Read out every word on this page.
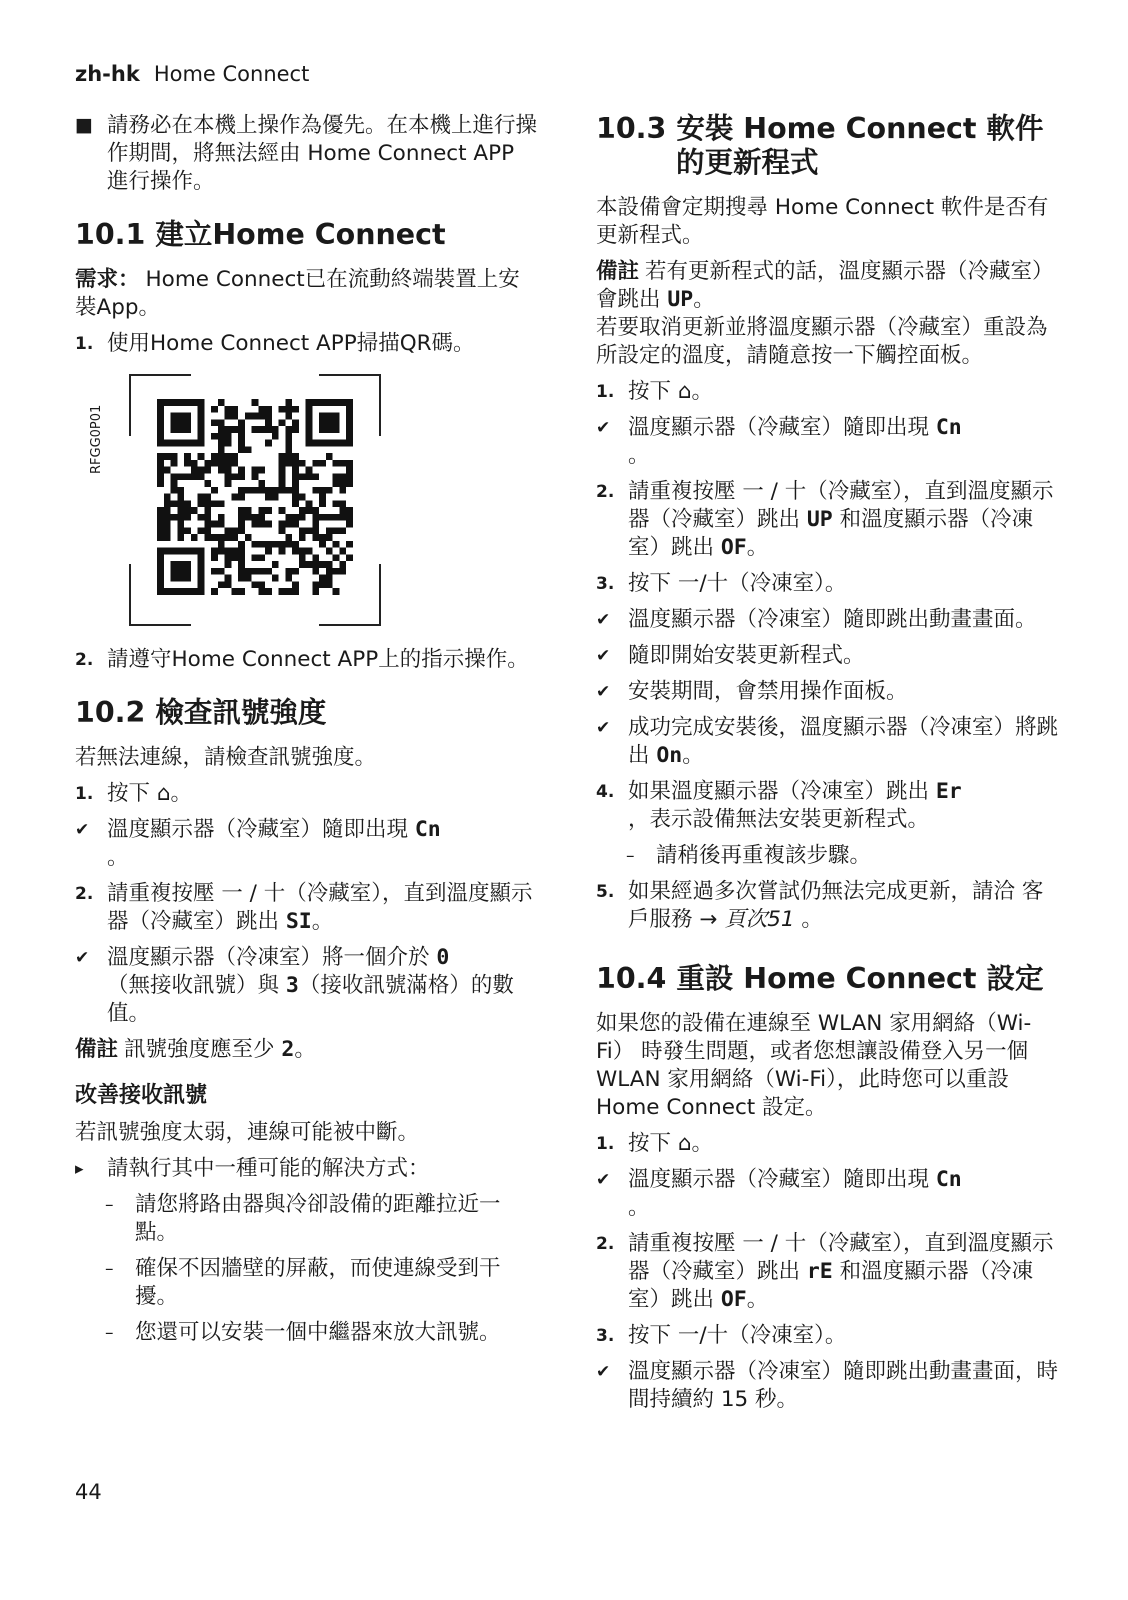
zh-hk Home Connect
■ 請務必在本機上操作為優先。在本機上進行操作期間，將無法經由 Home Connect APP 進行操作。
10.1 建立Home Connect
需求： Home Connect已在流動終端裝置上安裝App。
1. 使用Home Connect APP掃描QR碼。
RFGG0P01
2. 請遵守Home Connect APP上的指示操作。
10.2 檢查訊號強度
若無法連線，請檢查訊號強度。
1. 按下 ⌂。
✔ 溫度顯示器（冷藏室）隨即出現 Cn
。
2. 請重複按壓 一 / 十（冷藏室），直到溫度顯示器（冷藏室）跳出 SI。
✔ 溫度顯示器（冷凍室）將一個介於 0
（無接收訊號）與 3（接收訊號滿格）的數值。
備註 訊號強度應至少 2。
改善接收訊號
若訊號強度太弱，連線可能被中斷。
▸ 請執行其中一種可能的解決方式：
– 請您將路由器與冷卻設備的距離拉近一點。
– 確保不因牆壁的屏蔽，而使連線受到干擾。
– 您還可以安裝一個中繼器來放大訊號。
10.3 安裝 Home Connect 軟件的更新程式
本設備會定期搜尋 Home Connect 軟件是否有更新程式。
備註 若有更新程式的話，溫度顯示器（冷藏室）會跳出 UP。
若要取消更新並將溫度顯示器（冷藏室）重設為所設定的溫度，請隨意按一下觸控面板。
1. 按下 ⌂。
✔ 溫度顯示器（冷藏室）隨即出現 Cn
。
2. 請重複按壓 一 / 十（冷藏室），直到溫度顯示器（冷藏室）跳出 UP 和溫度顯示器（冷凍室）跳出 OF。
3. 按下 一/十（冷凍室）。
✔ 溫度顯示器（冷凍室）隨即跳出動畫畫面。
✔ 隨即開始安裝更新程式。
✔ 安裝期間，會禁用操作面板。
✔ 成功完成安裝後，溫度顯示器（冷凍室）將跳出 On。
4. 如果溫度顯示器（冷凍室）跳出 Er
，表示設備無法安裝更新程式。
– 請稍後再重複該步驟。
5. 如果經過多次嘗試仍無法完成更新，請洽 客戶服務 → 頁次51 。
10.4 重設 Home Connect 設定
如果您的設備在連線至 WLAN 家用網絡（Wi-Fi） 時發生問題，或者您想讓設備登入另一個 WLAN 家用網絡（Wi-Fi），此時您可以重設 Home Connect 設定。
1. 按下 ⌂。
✔ 溫度顯示器（冷藏室）隨即出現 Cn
。
2. 請重複按壓 一 / 十（冷藏室），直到溫度顯示器（冷藏室）跳出 rE 和溫度顯示器（冷凍室）跳出 OF。
3. 按下 一/十（冷凍室）。
✔ 溫度顯示器（冷凍室）隨即跳出動畫畫面，時間持續約 15 秒。
44
